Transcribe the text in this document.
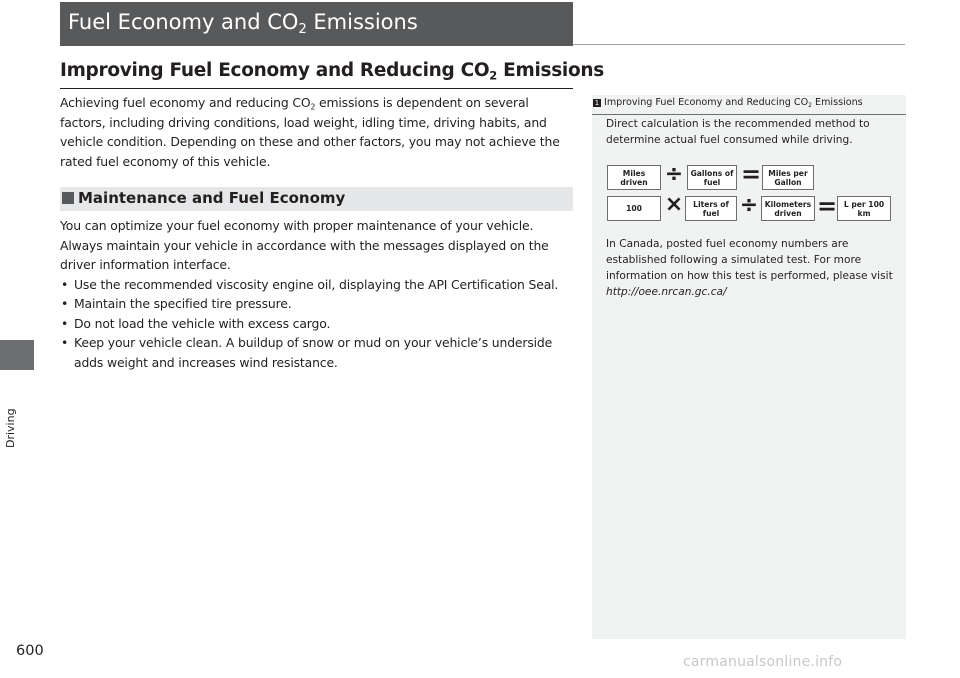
Driving
Fuel Economy and $CO_2$ Emissions
Improving Fuel Economy and Reducing $CO_2$ Emissions

Achieving fuel economy and reducing $CO_2$ emissions is dependent on several factors, including driving conditions, load weight, idling time, driving habits, and vehicle condition. Depending on these and other factors, you may not achieve the rated fuel economy of this vehicle.

Maintenance and Fuel Economy

You can optimize your fuel economy with proper maintenance of your vehicle. Always maintain your vehicle in accordance with the messages displayed on the driver information interface.

• Use the recommended viscosity engine oil, displaying the API Certification Seal.
• Maintain the specified tire pressure.
• Do not load the vehicle with excess cargo.
• Keep your vehicle clean. A buildup of snow or mud on your vehicle’s underside adds weight and increases wind resistance.
1 Improving Fuel Economy and Reducing $CO_2$ Emissions

Direct calculation is the recommended method to determine actual fuel consumed while driving.

In Canada, posted fuel economy numbers are established following a simulated test. For more information on how this test is performed, please visit http://oee.nrcan.gc.ca/

Miles driven ÷ Gallons of fuel = Miles per Gallon
100	×	Liters of fuel ÷ Kilometers driven = L per 100 km
600
carmanualsonline.info
